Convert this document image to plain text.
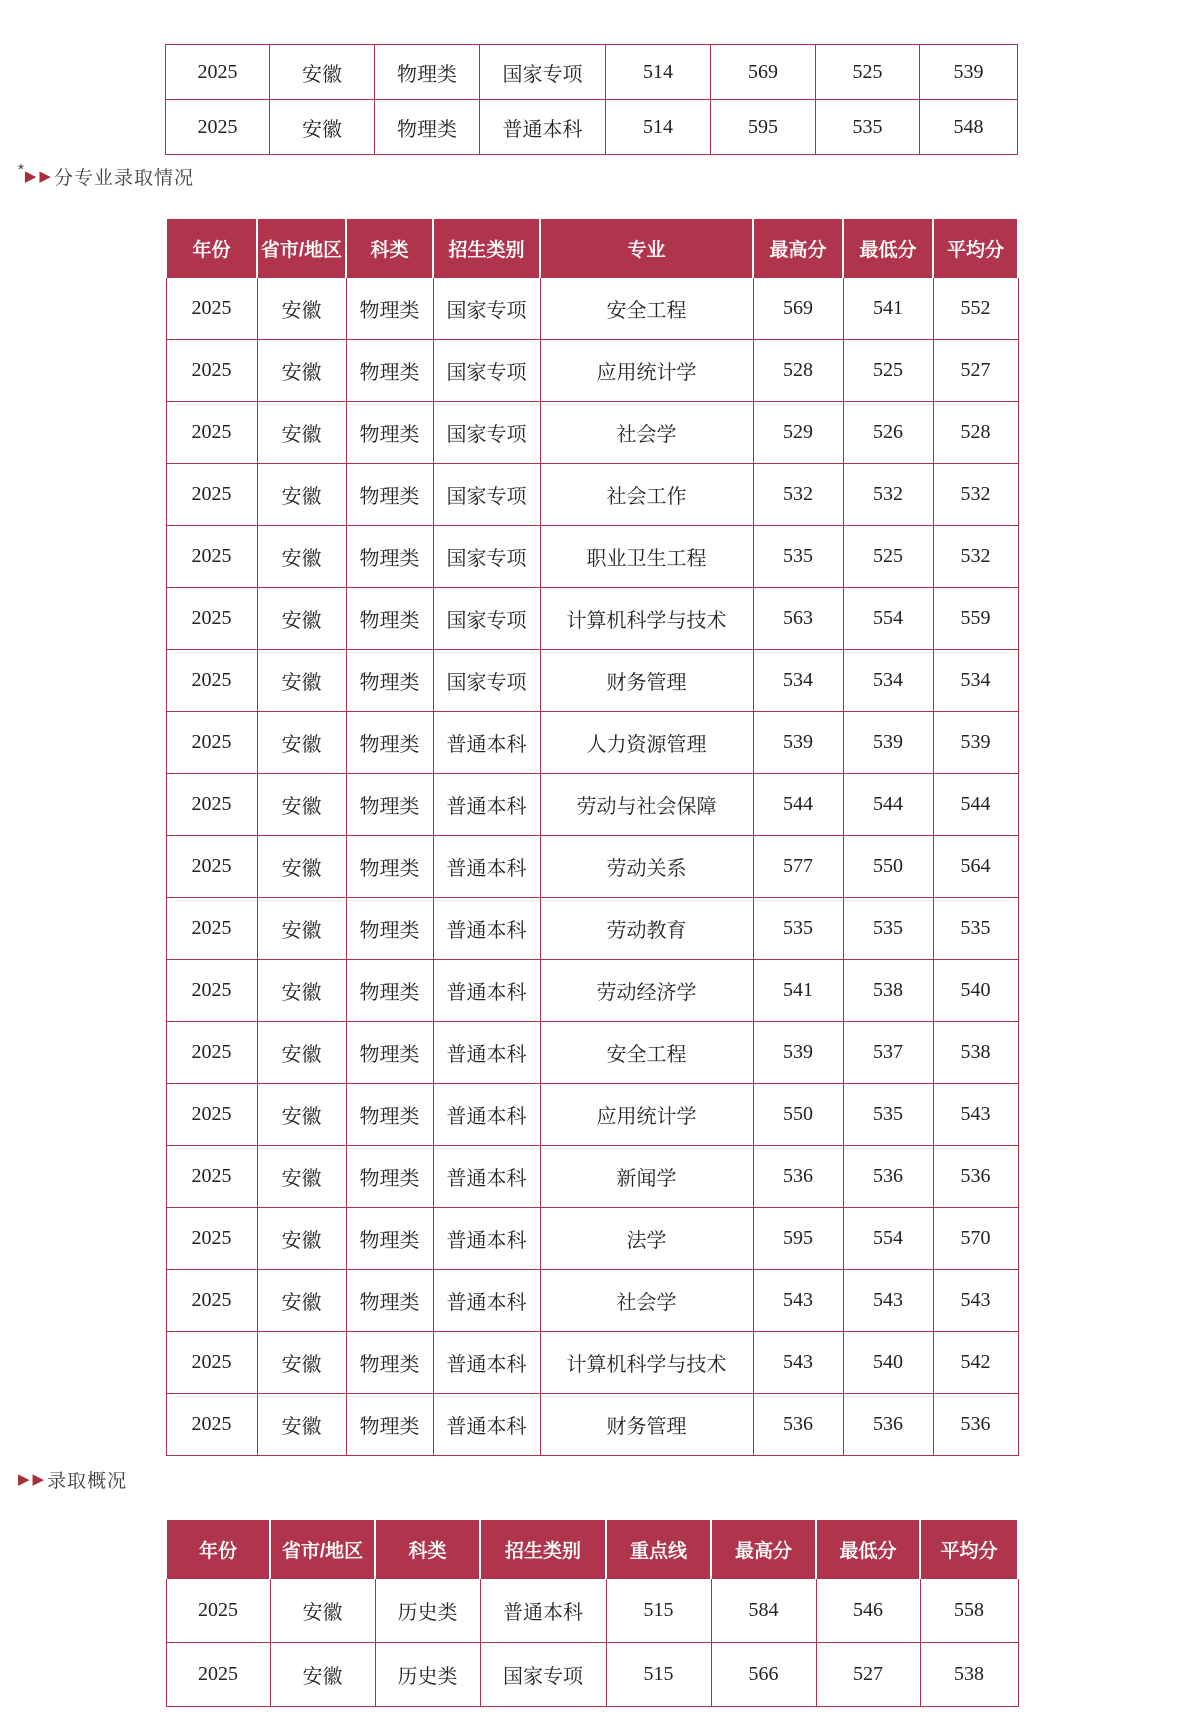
2025	安徽	物理类	国家专项	514	569	525	539
2025	安徽	物理类	普通本科	514	595	535	548
* ▶ ▶ 分专业录取情况
年份	省市/地区	科类	招生类别	专业	最高分	最低分	平均分
2025	安徽	物理类	国家专项	安全工程	569	541	552
2025	安徽	物理类	国家专项	应用统计学	528	525	527
2025	安徽	物理类	国家专项	社会学	529	526	528
2025	安徽	物理类	国家专项	社会工作	532	532	532
2025	安徽	物理类	国家专项	职业卫生工程	535	525	532
2025	安徽	物理类	国家专项	计算机科学与技术	563	554	559
2025	安徽	物理类	国家专项	财务管理	534	534	534
2025	安徽	物理类	普通本科	人力资源管理	539	539	539
2025	安徽	物理类	普通本科	劳动与社会保障	544	544	544
2025	安徽	物理类	普通本科	劳动关系	577	550	564
2025	安徽	物理类	普通本科	劳动教育	535	535	535
2025	安徽	物理类	普通本科	劳动经济学	541	538	540
2025	安徽	物理类	普通本科	安全工程	539	537	538
2025	安徽	物理类	普通本科	应用统计学	550	535	543
2025	安徽	物理类	普通本科	新闻学	536	536	536
2025	安徽	物理类	普通本科	法学	595	554	570
2025	安徽	物理类	普通本科	社会学	543	543	543
2025	安徽	物理类	普通本科	计算机科学与技术	543	540	542
2025	安徽	物理类	普通本科	财务管理	536	536	536
▶ ▶ 录取概况
年份	省市/地区	科类	招生类别	重点线	最高分	最低分	平均分
2025	安徽	历史类	普通本科	515	584	546	558
2025	安徽	历史类	国家专项	515	566	527	538
